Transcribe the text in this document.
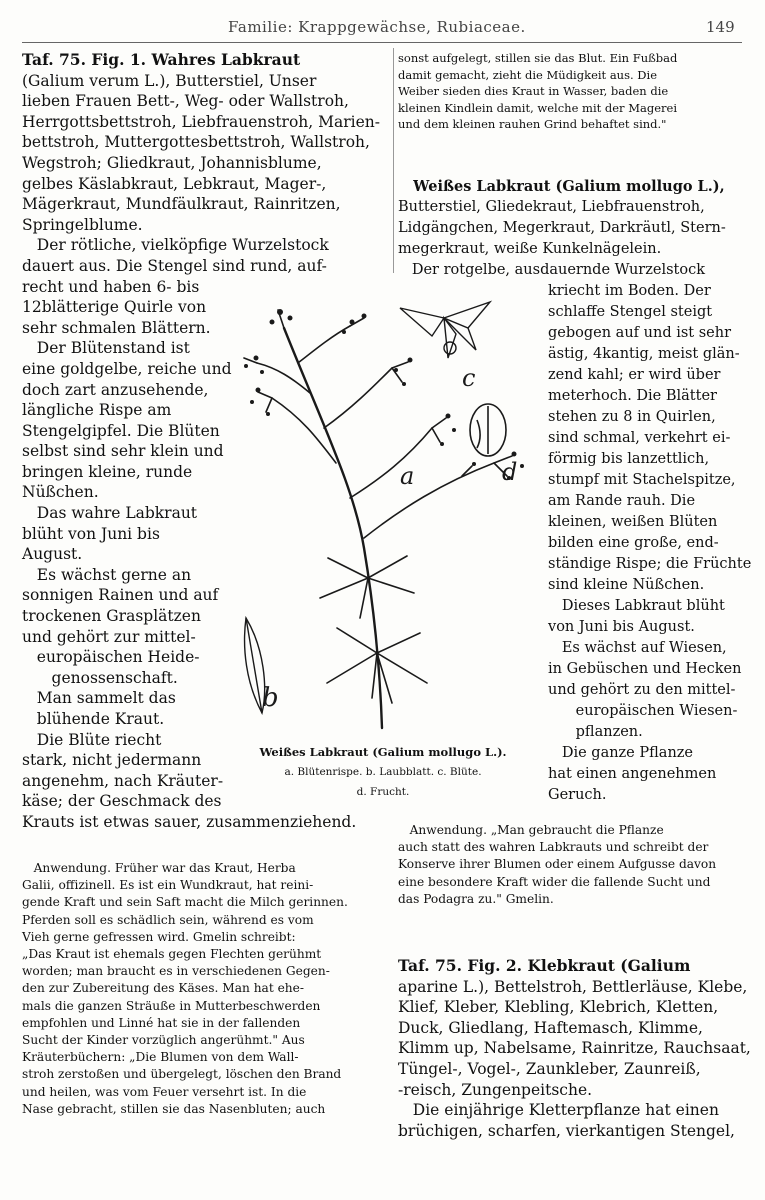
Familie: Krappgewächse, Rubiaceae.	149

Taf. 75. Fig. 1. Wahres Labkraut

(Galium verum L.), Butterstiel, Unser

lieben Frauen Bett-, Weg- oder Wallstroh,

Herrgottsbettstroh, Liebfrauenstroh, Marien-

bettstroh, Muttergottesbettstroh, Wallstroh,

Wegstroh; Gliedkraut, Johannisblume,

gelbes Käslabkraut, Lebkraut, Mager-,

Mägerkraut, Mundfäulkraut, Rainritzen,

Springelblume.

Der rötliche, vielköpfige Wurzelstock

dauert aus. Die Stengel sind rund, auf-

recht und haben 6- bis

12blätterige Quirle von

sehr schmalen Blättern.

Der Blütenstand ist

eine goldgelbe, reiche und

doch zart anzusehende,

längliche Rispe am

Stengelgipfel. Die Blüten

selbst sind sehr klein und

bringen kleine, runde

Nüßchen.

Das wahre Labkraut

blüht von Juni bis

August.

Es wächst gerne an

sonnigen Rainen und auf

trockenen Grasplätzen

und gehört zur mittel-

europäischen Heide-

genossenschaft.

Man sammelt das

blühende Kraut.

Die Blüte riecht

stark, nicht jedermann

angenehm, nach Kräuter-

käse; der Geschmack des

Krauts ist etwas sauer, zusammenziehend.

Anwendung. Früher war das Kraut, Herba

Galii, offizinell. Es ist ein Wundkraut, hat reini-

gende Kraft und sein Saft macht die Milch gerinnen.

Pferden soll es schädlich sein, während es vom

Vieh gerne gefressen wird. Gmelin schreibt:

„Das Kraut ist ehemals gegen Flechten gerühmt

worden; man braucht es in verschiedenen Gegen-

den zur Zubereitung des Käses. Man hat ehe-

mals die ganzen Sträuße in Mutterbeschwerden

empfohlen und Linné hat sie in der fallenden

Sucht der Kinder vorzüglich angerühmt." Aus

Kräuterbüchern: „Die Blumen von dem Wall-

stroh zerstoßen und übergelegt, löschen den Brand

und heilen, was vom Feuer versehrt ist. In die

Nase gebracht, stillen sie das Nasenbluten; auch

sonst aufgelegt, stillen sie das Blut. Ein Fußbad

damit gemacht, zieht die Müdigkeit aus. Die

Weiber sieden dies Kraut in Wasser, baden die

kleinen Kindlein damit, welche mit der Magerei

und dem kleinen rauhen Grind behaftet sind."

Weißes Labkraut (Galium mollugo L.),

Butterstiel, Gliedekraut, Liebfrauenstroh,

Lidgängchen, Megerkraut, Darkräutl, Stern-

megerkraut, weiße Kunkelnägelein.

Der rotgelbe, ausdauernde Wurzelstock

kriecht im Boden. Der

schlaffe Stengel steigt

gebogen auf und ist sehr

ästig, 4kantig, meist glän-

zend kahl; er wird über

meterhoch. Die Blätter

stehen zu 8 in Quirlen,

sind schmal, verkehrt ei-

förmig bis lanzettlich,

stumpf mit Stachelspitze,

am Rande rauh. Die

kleinen, weißen Blüten

bilden eine große, end-

ständige Rispe; die Früchte

sind kleine Nüßchen.

Dieses Labkraut blüht

von Juni bis August.

Es wächst auf Wiesen,

in Gebüschen und Hecken

und gehört zu den mittel-

europäischen Wiesen-

pflanzen.

Die ganze Pflanze

hat einen angenehmen

Geruch.

Anwendung. „Man gebraucht die Pflanze

auch statt des wahren Labkrauts und schreibt der

Konserve ihrer Blumen oder einem Aufgusse davon

eine besondere Kraft wider die fallende Sucht und

das Podagra zu." Gmelin.

Taf. 75. Fig. 2. Klebkraut (Galium

aparine L.), Bettelstroh, Bettlerläuse, Klebe,

Klief, Kleber, Klebling, Klebrich, Kletten,

Duck, Gliedlang, Haftemasch, Klimme,

Klimm up, Nabelsame, Rainritze, Rauchsaat,

Tüngel-, Vogel-, Zaunkleber, Zaunreiß,

-reisch, Zungenpeitsche.

Die einjährige Kletterpflanze hat einen

brüchigen, scharfen, vierkantigen Stengel,

a
b
c
d
Weißes Labkraut (Galium mollugo L.).
a. Blütenrispe. b. Laubblatt. c. Blüte.
d. Frucht.
